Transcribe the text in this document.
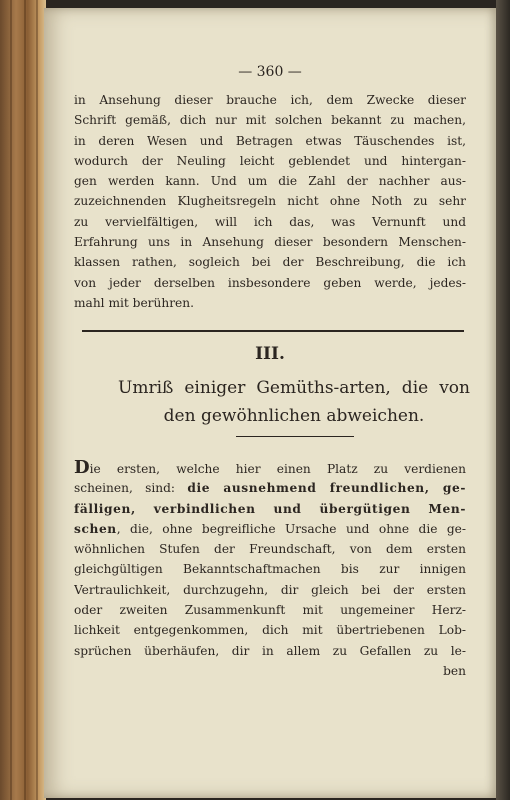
— 360 —
in Ansehung dieser brauche ich, dem Zwecke dieser
Schrift gemäß, dich nur mit solchen bekannt zu machen,
in deren Wesen und Betragen etwas Täuschendes ist,
wodurch der Neuling leicht geblendet und hintergan-
gen werden kann. Und um die Zahl der nachher aus-
zuzeichnenden Klugheitsregeln nicht ohne Noth zu sehr
zu vervielfältigen, will ich das, was Vernunft und
Erfahrung uns in Ansehung dieser besondern Menschen-
klassen rathen, sogleich bei der Beschreibung, die ich
von jeder derselben insbesondere geben werde, jedes-
mahl mit berühren.
III.
Umriß einiger Gemüths-arten, die von
den gewöhnlichen abweichen.
Die ersten, welche hier einen Platz zu verdienen
scheinen, sind: die ausnehmend freundlichen, ge-
fälligen, verbindlichen und übergütigen Men-
schen, die, ohne begreifliche Ursache und ohne die ge-
wöhnlichen Stufen der Freundschaft, von dem ersten
gleichgültigen Bekanntschaftmachen bis zur innigen
Vertraulichkeit, durchzugehn, dir gleich bei der ersten
oder zweiten Zusammenkunft mit ungemeiner Herz-
lichkeit entgegenkommen, dich mit übertriebenen Lob-
sprüchen überhäufen, dir in allem zu Gefallen zu le-
ben
